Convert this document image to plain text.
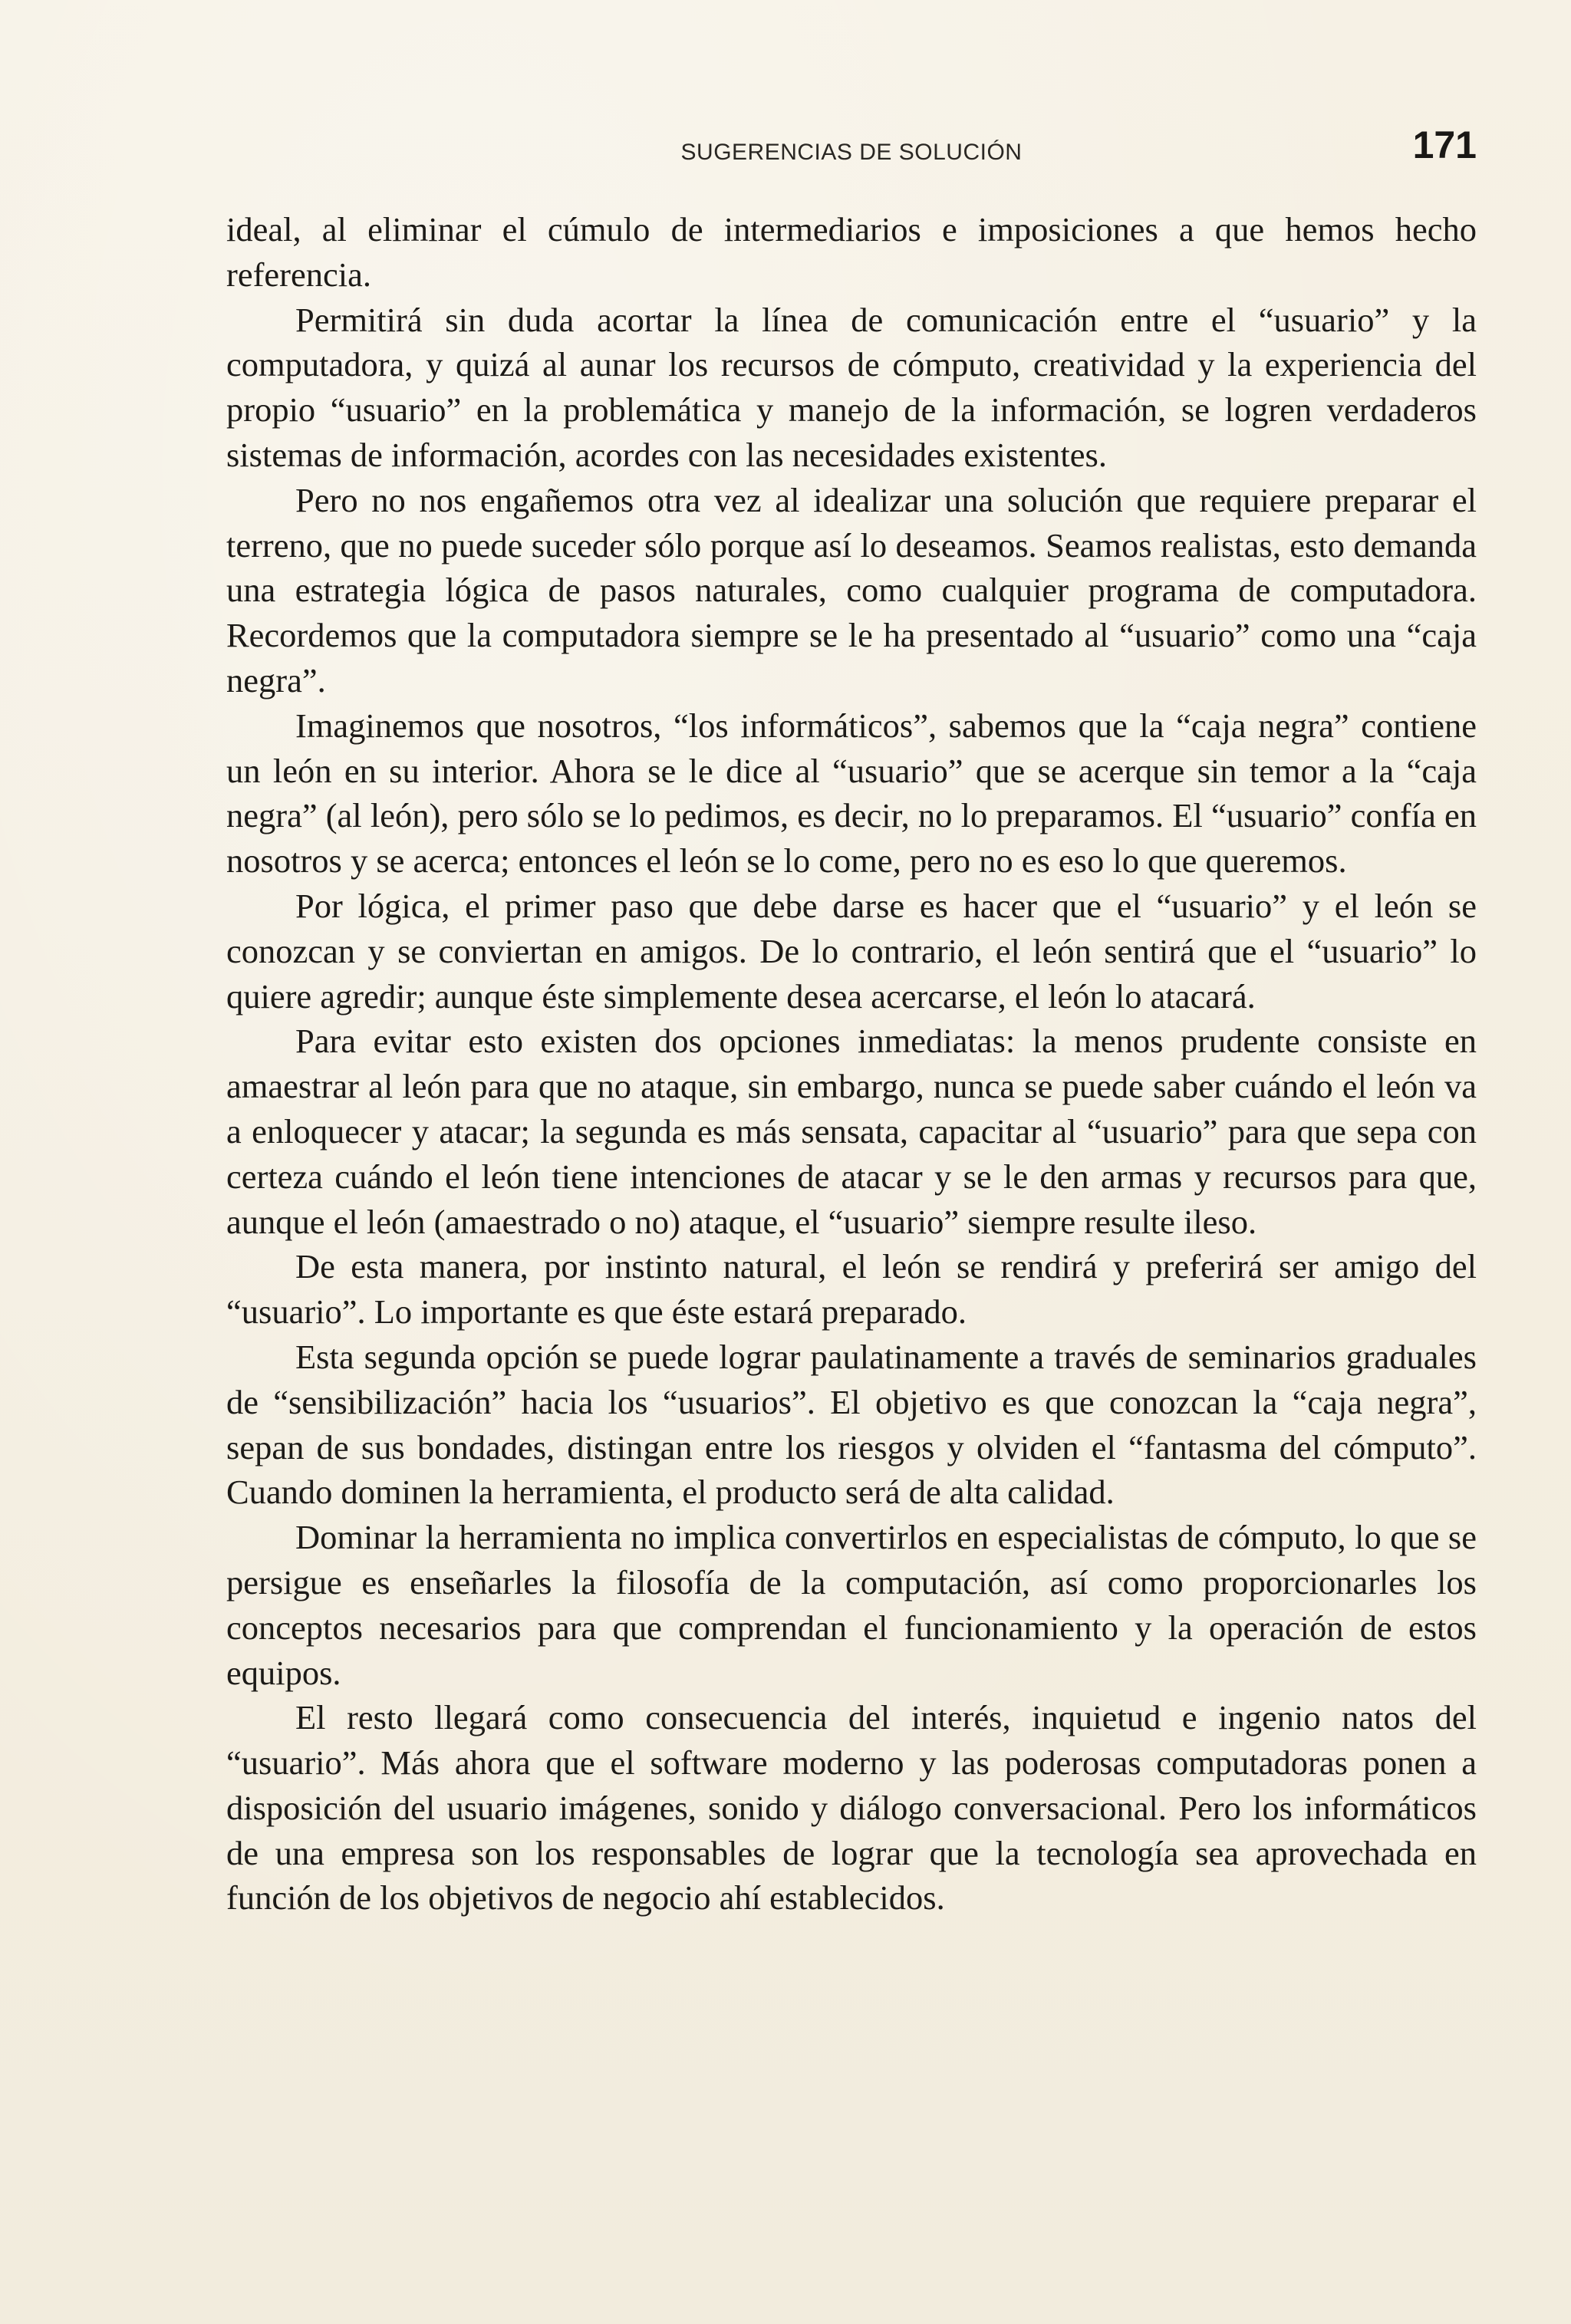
SUGERENCIAS DE SOLUCIÓN	171

ideal, al eliminar el cúmulo de intermediarios e imposiciones a que hemos hecho referencia.

Permitirá sin duda acortar la línea de comunicación entre el “usuario” y la computadora, y quizá al aunar los recursos de cómputo, creatividad y la experiencia del propio “usuario” en la problemática y manejo de la información, se logren verdaderos sistemas de información, acordes con las necesidades existentes.

Pero no nos engañemos otra vez al idealizar una solución que requiere preparar el terreno, que no puede suceder sólo porque así lo deseamos. Seamos realistas, esto demanda una estrategia lógica de pasos naturales, como cualquier programa de computadora. Recordemos que la computadora siempre se le ha presentado al “usuario” como una “caja negra”.

Imaginemos que nosotros, “los informáticos”, sabemos que la “caja negra” contiene un león en su interior. Ahora se le dice al “usuario” que se acerque sin temor a la “caja negra” (al león), pero sólo se lo pedimos, es decir, no lo preparamos. El “usuario” confía en nosotros y se acerca; entonces el león se lo come, pero no es eso lo que queremos.

Por lógica, el primer paso que debe darse es hacer que el “usuario” y el león se conozcan y se conviertan en amigos. De lo contrario, el león sentirá que el “usuario” lo quiere agredir; aunque éste simplemente desea acercarse, el león lo atacará.

Para evitar esto existen dos opciones inmediatas: la menos prudente consiste en amaestrar al león para que no ataque, sin embargo, nunca se puede saber cuándo el león va a enloquecer y atacar; la segunda es más sensata, capacitar al “usuario” para que sepa con certeza cuándo el león tiene intenciones de atacar y se le den armas y recursos para que, aunque el león (amaestrado o no) ataque, el “usuario” siempre resulte ileso.

De esta manera, por instinto natural, el león se rendirá y preferirá ser amigo del “usuario”. Lo importante es que éste estará preparado.

Esta segunda opción se puede lograr paulatinamente a través de seminarios graduales de “sensibilización” hacia los “usuarios”. El objetivo es que conozcan la “caja negra”, sepan de sus bondades, distingan entre los riesgos y olviden el “fantasma del cómputo”. Cuando dominen la herramienta, el producto será de alta calidad.

Dominar la herramienta no implica convertirlos en especialistas de cómputo, lo que se persigue es enseñarles la filosofía de la computación, así como proporcionarles los conceptos necesarios para que comprendan el funcionamiento y la operación de estos equipos.

El resto llegará como consecuencia del interés, inquietud e ingenio natos del “usuario”. Más ahora que el software moderno y las poderosas computadoras ponen a disposición del usuario imágenes, sonido y diálogo conversacional. Pero los informáticos de una empresa son los responsables de lograr que la tecnología sea aprovechada en función de los objetivos de negocio ahí establecidos.
